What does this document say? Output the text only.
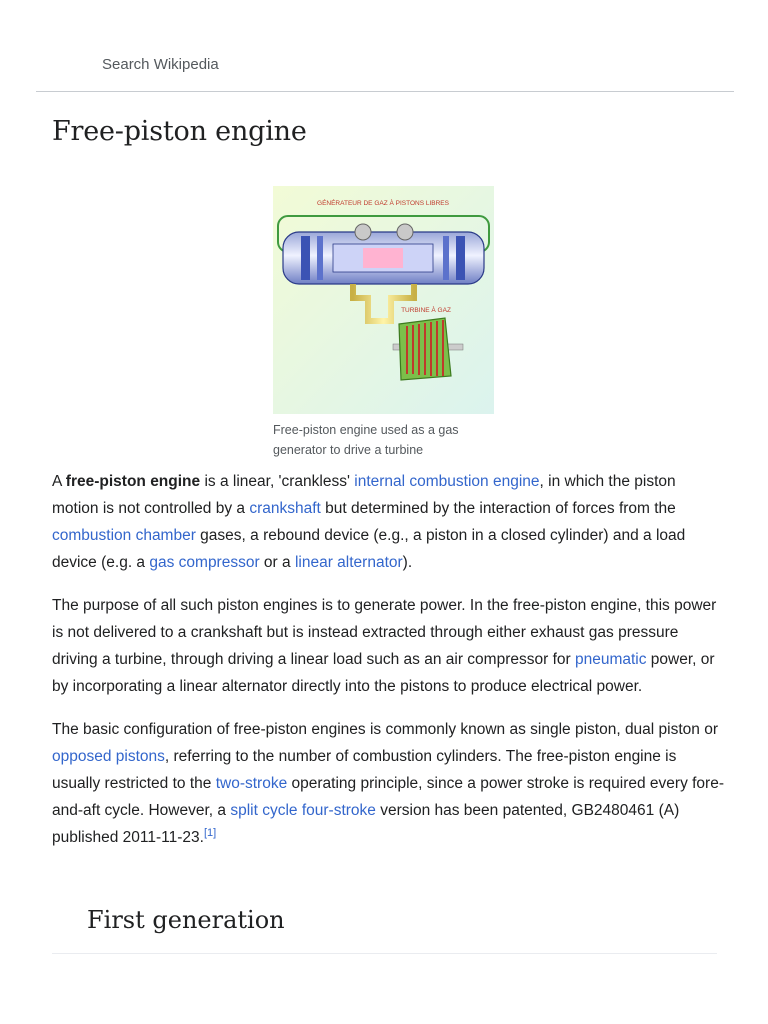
Search Wikipedia
Free-piston engine
GÉNÉRATEUR DE GAZ À PISTONS LIBRES
TURBINE À GAZ
Free-piston engine used as a gas generator to drive a turbine

A free-piston engine is a linear, 'crankless' internal combustion engine, in which the piston motion is not controlled by a crankshaft but determined by the interaction of forces from the combustion chamber gases, a rebound device (e.g., a piston in a closed cylinder) and a load device (e.g. a gas compressor or a linear alternator).

The purpose of all such piston engines is to generate power. In the free-piston engine, this power is not delivered to a crankshaft but is instead extracted through either exhaust gas pressure driving a turbine, through driving a linear load such as an air compressor for pneumatic power, or by incorporating a linear alternator directly into the pistons to produce electrical power.

The basic configuration of free-piston engines is commonly known as single piston, dual piston or opposed pistons, referring to the number of combustion cylinders. The free-piston engine is usually restricted to the two-stroke operating principle, since a power stroke is required every fore-and-aft cycle. However, a split cycle four-stroke version has been patented, GB2480461 (A) published 2011-11-23.[1]

First generation
